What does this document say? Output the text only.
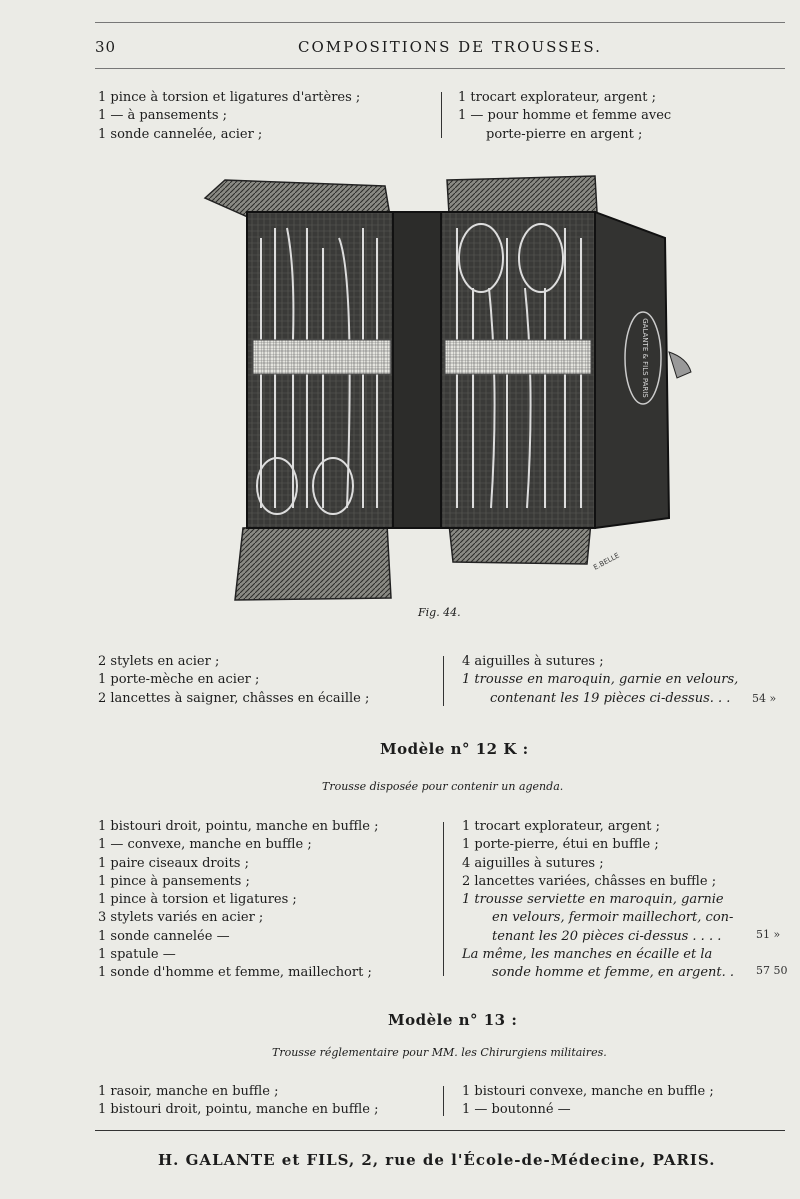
30	COMPOSITIONS DE TROUSSES.
1 pince à torsion et ligatures d'artères ;
1 — à pansements ;
1 sonde cannelée, acier ;
1 trocart explorateur, argent ;
1 — pour homme et femme avec
porte-pierre en argent ;
GALANTE & FILS PARIS
E.BELLE
Fig. 44.
2 stylets en acier ;
1 porte-mèche en acier ;
2 lancettes à saigner, châsses en écaille ;
4 aiguilles à sutures ;
1 trousse en maroquin, garnie en velours,
contenant les 19 pièces ci-dessus. . .	54 »
Modèle n° 12 K :
Trousse disposée pour contenir un agenda.
1 bistouri droit, pointu, manche en buffle ;
1 — convexe, manche en buffle ;
1 paire ciseaux droits ;
1 pince à pansements ;
1 pince à torsion et ligatures ;
3 stylets variés en acier ;
1 sonde cannelée —
1 spatule —
1 sonde d'homme et femme, maillechort ;
1 trocart explorateur, argent ;
1 porte-pierre, étui en buffle ;
4 aiguilles à sutures ;
2 lancettes variées, châsses en buffle ;
1 trousse serviette en maroquin, garnie
en velours, fermoir maillechort, con-
tenant les 20 pièces ci-dessus . . . .
La même, les manches en écaille et la
sonde homme et femme, en argent. .
51 »
57 50
Modèle n° 13 :
Trousse réglementaire pour MM. les Chirurgiens militaires.
1 rasoir, manche en buffle ;
1 bistouri droit, pointu, manche en buffle ;
1 bistouri convexe, manche en buffle ;
1 — boutonné —
H. GALANTE et FILS, 2, rue de l'École-de-Médecine, PARIS.
